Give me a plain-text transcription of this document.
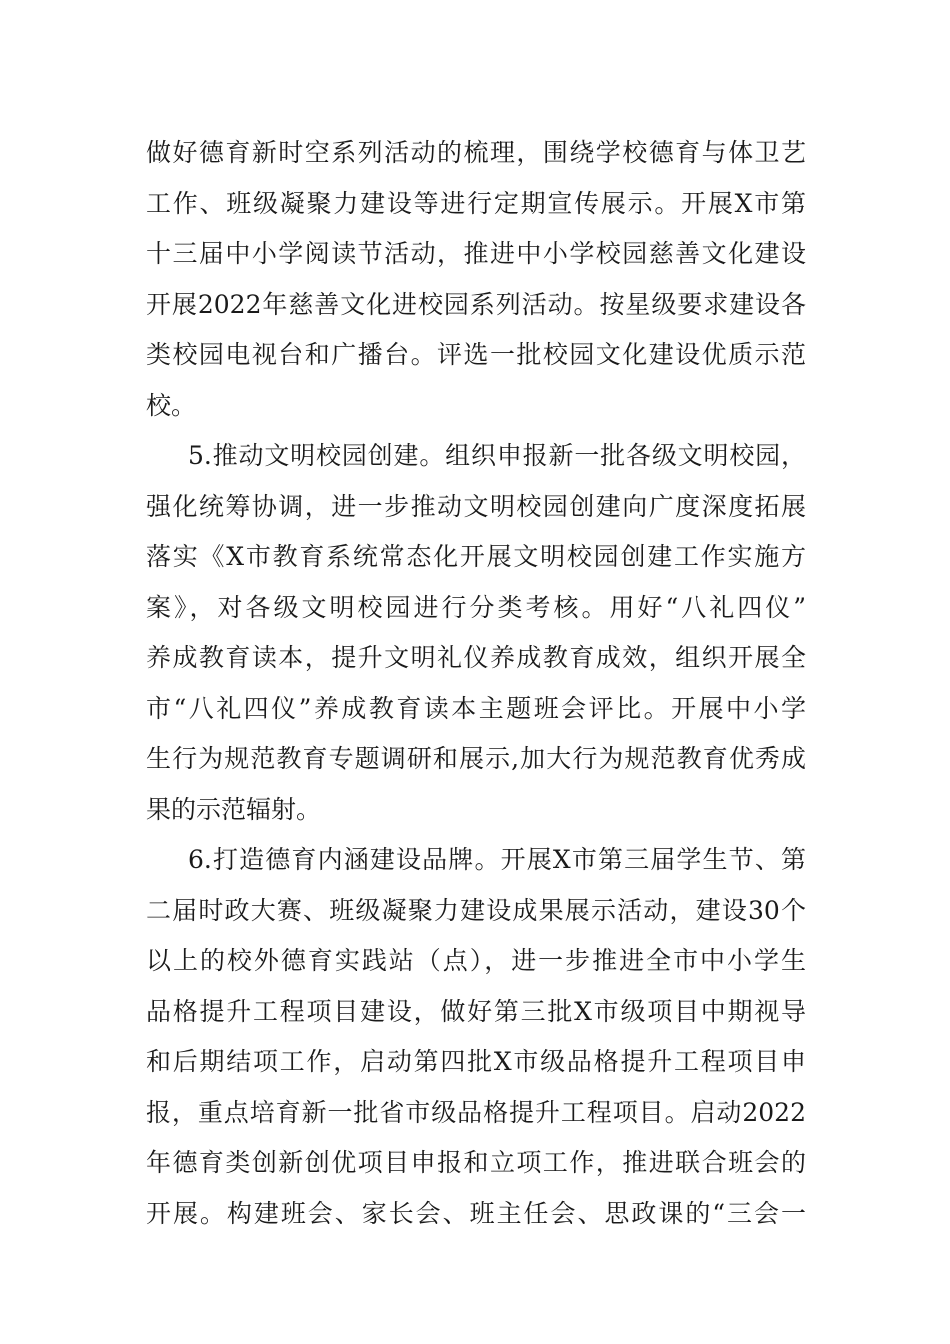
做好德育新时空系列活动的梳理，围绕学校德育与体卫艺
工作、班级凝聚力建设等进行定期宣传展示。开展X市第
十三届中小学阅读节活动，推进中小学校园慈善文化建设
开展2022年慈善文化进校园系列活动。按星级要求建设各
类校园电视台和广播台。评选一批校园文化建设优质示范
校。
5.推动文明校园创建。组织申报新一批各级文明校园，
强化统筹协调，进一步推动文明校园创建向广度深度拓展
落实《X市教育系统常态化开展文明校园创建工作实施方
案》，对各级文明校园进行分类考核。用好“八礼四仪”
养成教育读本，提升文明礼仪养成教育成效，组织开展全
市“八礼四仪”养成教育读本主题班会评比。开展中小学
生行为规范教育专题调研和展示,加大行为规范教育优秀成
果的示范辐射。
6.打造德育内涵建设品牌。开展X市第三届学生节、第
二届时政大赛、班级凝聚力建设成果展示活动，建设30个
以上的校外德育实践站（点），进一步推进全市中小学生
品格提升工程项目建设，做好第三批X市级项目中期视导
和后期结项工作，启动第四批X市级品格提升工程项目申
报，重点培育新一批省市级品格提升工程项目。启动2022
年德育类创新创优项目申报和立项工作，推进联合班会的
开展。构建班会、家长会、班主任会、思政课的“三会一
